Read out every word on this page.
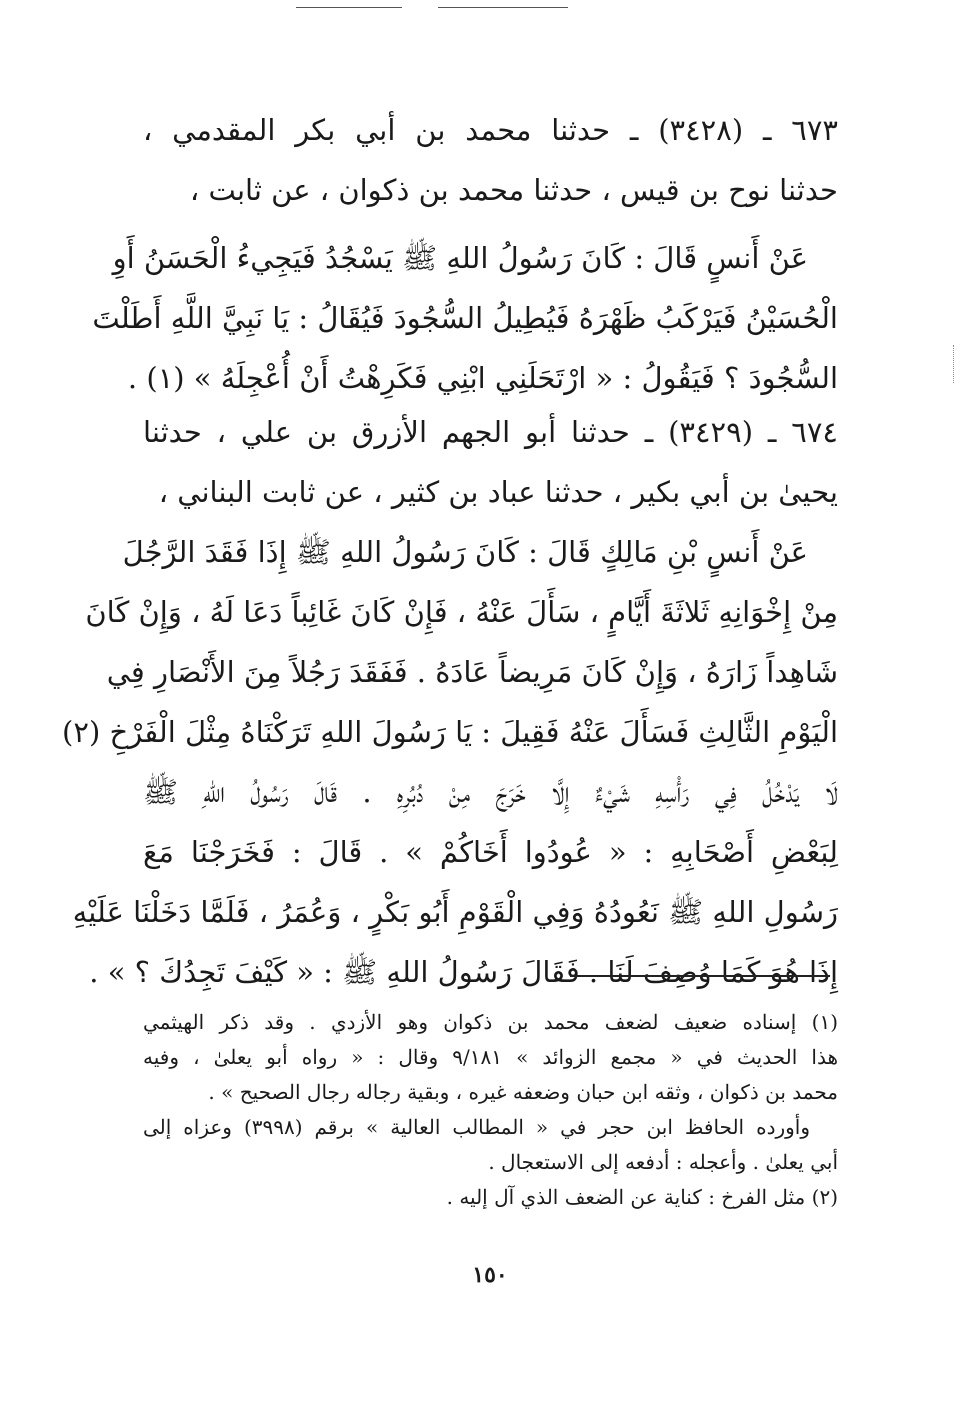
٦٧٣ ـ (٣٤٢٨) ـ حدثنا محمد بن أبي بكر المقدمي ،
حدثنا نوح بن قيس ، حدثنا محمد بن ذكوان ، عن ثابت ،
عَنْ أَنسٍ قَالَ : كَانَ رَسُولُ اللهِ ﷺ يَسْجُدُ فَيَجِيءُ الْحَسَنُ أَوِ
الْحُسَيْنُ فَيَرْكَبُ ظَهْرَهُ فَيُطِيلُ السُّجُودَ فَيُقَالُ : يَا نَبِيَّ اللَّهِ أَطَلْتَ
السُّجُودَ ؟ فَيَقُولُ : « ارْتَحَلَنِي ابْنِي فَكَرِهْتُ أَنْ أُعْجِلَهُ » (١) .
٦٧٤ ـ (٣٤٢٩) ـ حدثنا أبو الجهم الأزرق بن علي ، حدثنا
يحيىٰ بن أبي بكير ، حدثنا عباد بن كثير ، عن ثابت البناني ،
عَنْ أَنسٍ بْنِ مَالِكٍ قَالَ : كَانَ رَسُولُ اللهِ ﷺ إِذَا فَقَدَ الرَّجُلَ
مِنْ إِخْوَانِهِ ثَلاثَةَ أَيَّامٍ ، سَأَلَ عَنْهُ ، فَإِنْ كَانَ غَائِباً دَعَا لَهُ ، وَإِنْ كَانَ
شَاهِداً زَارَهُ ، وَإِنْ كَانَ مَرِيضاً عَادَهُ . فَفَقَدَ رَجُلاً مِنَ الأَنْصَارِ فِي
الْيَوْمِ الثَّالِثِ فَسَأَلَ عَنْهُ فَقِيلَ : يَا رَسُولَ اللهِ تَرَكْنَاهُ مِثْلَ الْفَرْخِ (٢)
لَا يَدْخُلُ فِي رَأْسِهِ شَيْءٌ إِلَّا خَرَجَ مِنْ دُبُرِهِ . قَالَ رَسُولُ اللهِ ﷺ
لِبَعْضِ أَصْحَابِهِ : « عُودُوا أَخَاكُمْ » . قَالَ : فَخَرَجْنَا مَعَ
رَسُولِ اللهِ ﷺ نَعُودُهُ وَفِي الْقَوْمِ أَبُو بَكْرٍ ، وَعُمَرُ ، فَلَمَّا دَخَلْنَا عَلَيْهِ
إِذَا هُوَ كَمَا وُصِفَ لَنَا . فَقَالَ رَسُولُ اللهِ ﷺ : « كَيْفَ تَجِدُكَ ؟ » .
(١) إسناده ضعيف لضعف محمد بن ذكوان وهو الأزدي . وقد ذكر الهيثمي
هذا الحديث في « مجمع الزوائد » ٩/١٨١ وقال : « رواه أبو يعلىٰ ، وفيه
محمد بن ذكوان ، وثقه ابن حبان وضعفه غيره ، وبقية رجاله رجال الصحيح » .
وأورده الحافظ ابن حجر في « المطالب العالية » برقم (٣٩٩٨) وعزاه إلى
أبي يعلىٰ . وأعجله : أدفعه إلى الاستعجال .
(٢) مثل الفرخ : كناية عن الضعف الذي آل إليه .
١٥٠
